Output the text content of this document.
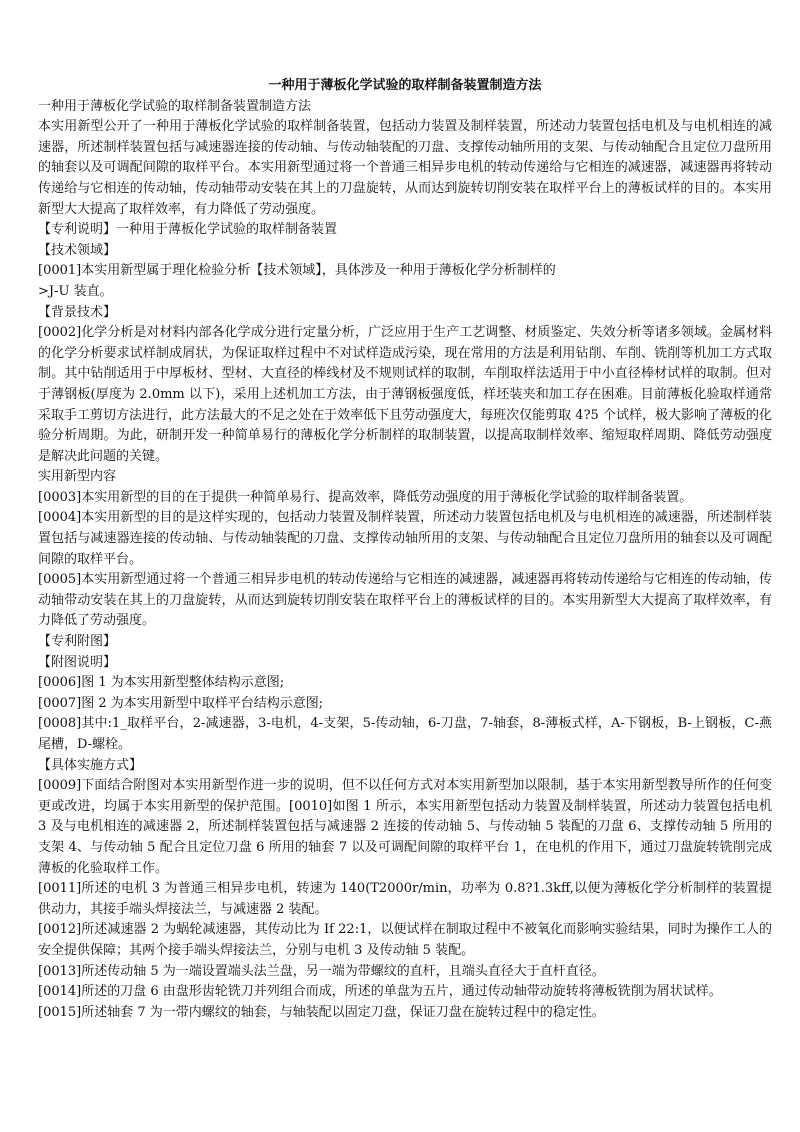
一种用于薄板化学试验的取样制备装置制造方法

一种用于薄板化学试验的取样制备装置制造方法

本实用新型公开了一种用于薄板化学试验的取样制备装置，包括动力装置及制样装置，所述动力装置包括电机及与电机相连的减速器，所述制样装置包括与减速器连接的传动轴、与传动轴装配的刀盘、支撑传动轴所用的支架、与传动轴配合且定位刀盘所用的轴套以及可调配间隙的取样平台。本实用新型通过将一个普通三相异步电机的转动传递给与它相连的减速器，减速器再将转动传递给与它相连的传动轴，传动轴带动安装在其上的刀盘旋转，从而达到旋转切削安装在取样平台上的薄板试样的目的。本实用新型大大提高了取样效率，有力降低了劳动强度。

【专利说明】一种用于薄板化学试验的取样制备装置

【技术领域】

[0001]本实用新型属于理化检验分析【技术领域】，具体涉及一种用于薄板化学分析制样的
>J-U 装直。

【背景技术】

[0002]化学分析是对材料内部各化学成分进行定量分析，广泛应用于生产工艺调整、材质鉴定、失效分析等诸多领域。金属材料的化学分析要求试样制成屑状，为保证取样过程中不对试样造成污染，现在常用的方法是利用钻削、车削、铣削等机加工方式取制。其中钻削适用于中厚板材、型材、大直径的棒线材及不规则试样的取制，车削取样法适用于中小直径棒材试样的取制。但对于薄钢板(厚度为 2.0mm 以下)，采用上述机加工方法，由于薄钢板强度低，样坯装夹和加工存在困难。目前薄板化验取样通常采取手工剪切方法进行，此方法最大的不足之处在于效率低下且劳动强度大，每班次仅能剪取 4?5 个试样，极大影响了薄板的化验分析周期。为此，研制开发一种简单易行的薄板化学分析制样的取制装置，以提高取制样效率、缩短取样周期、降低劳动强度是解决此问题的关键。

实用新型内容

[0003]本实用新型的目的在于提供一种简单易行、提高效率，降低劳动强度的用于薄板化学试验的取样制备装置。

[0004]本实用新型的目的是这样实现的，包括动力装置及制样装置，所述动力装置包括电机及与电机相连的减速器，所述制样装置包括与减速器连接的传动轴、与传动轴装配的刀盘、支撑传动轴所用的支架、与传动轴配合且定位刀盘所用的轴套以及可调配间隙的取样平台。

[0005]本实用新型通过将一个普通三相异步电机的转动传递给与它相连的减速器，减速器再将转动传递给与它相连的传动轴，传动轴带动安装在其上的刀盘旋转，从而达到旋转切削安装在取样平台上的薄板试样的目的。本实用新型大大提高了取样效率，有力降低了劳动强度。

【专利附图】

【附图说明】

[0006]图 1 为本实用新型整体结构示意图;

[0007]图 2 为本实用新型中取样平台结构示意图;

[0008]其中:1_取样平台，2-减速器，3-电机，4-支架，5-传动轴，6-刀盘，7-轴套，8-薄板式样，A-下钢板，B-上钢板，C-燕尾槽，D-螺栓。

【具体实施方式】

[0009]下面结合附图对本实用新型作进一步的说明，但不以任何方式对本实用新型加以限制，基于本实用新型教导所作的任何变更或改进，均属于本实用新型的保护范围。[0010]如图 1 所示，本实用新型包括动力装置及制样装置，所述动力装置包括电机 3 及与电机相连的减速器 2，所述制样装置包括与减速器 2 连接的传动轴 5、与传动轴 5 装配的刀盘 6、支撑传动轴 5 所用的支架 4、与传动轴 5 配合且定位刀盘 6 所用的轴套 7 以及可调配间隙的取样平台 1，在电机的作用下，通过刀盘旋转铣削完成薄板的化验取样工作。

[0011]所述的电机 3 为普通三相异步电机，转速为 140(T2000r/min，功率为 0.8?1.3kff,以便为薄板化学分析制样的装置提供动力，其接手端头焊接法兰，与减速器 2 装配。

[0012]所述减速器 2 为蜗轮减速器，其传动比为 If 22:1，以便试样在制取过程中不被氧化而影响实验结果，同时为操作工人的安全提供保障；其两个接手端头焊接法兰，分别与电机 3 及传动轴 5 装配。

[0013]所述传动轴 5 为一端设置端头法兰盘，另一端为带螺纹的直杆，且端头直径大于直杆直径。

[0014]所述的刀盘 6 由盘形齿轮铣刀并列组合而成，所述的单盘为五片，通过传动轴带动旋转将薄板铣削为屑状试样。

[0015]所述轴套 7 为一带内螺纹的轴套，与轴装配以固定刀盘，保证刀盘在旋转过程中的稳定性。
